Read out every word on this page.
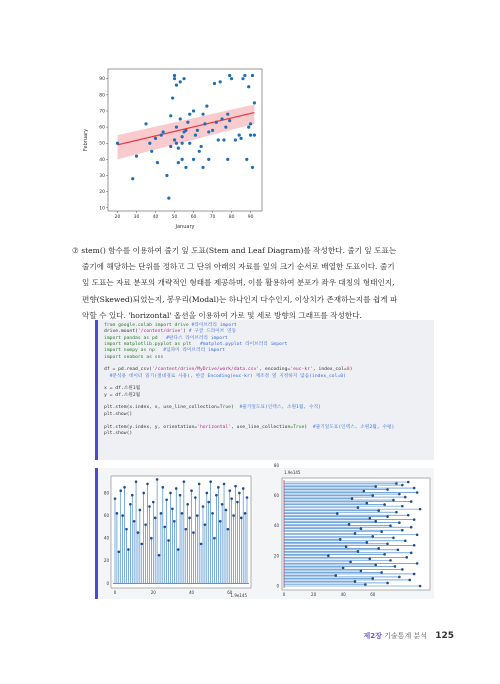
20	30	40	50	60	70	80	90
10
20
30
40
50
60
70
80
90
January
February
⑦ stem() 함수를 이용하여 줄기 잎 도표(Stem and Leaf Diagram)를 작성한다. 줄기 잎 도표는
줄기에 해당하는 단위를 정하고 그 단위 아래의 자료를 잎의 크기 순서로 배열한 도표이다. 줄기
잎 도표는 자료 분포의 개략적인 형태를 제공하며, 이를 활용하여 분포가 좌우 대칭의 형태인지,
편향(Skewed)되었는지, 봉우리(Modal)는 하나인지 다수인지, 이상치가 존재하는지를 쉽게 파
악할 수 있다. 'horizontal' 옵션을 이용하여 가로 및 세로 방향의 그래프를 작성한다.
from google.colab import drive #라이브러리 import
drive.mount('/content/drive') # 구글 드라이브 연동
import pandas as pd   #판다스 라이브러리 import
import matplotlib.pyplot as plt   #matplot.pyplot 라이브러리 import
import numpy as np   #넘파이 라이브러리 import
import seaborn as sns

df = pd.read_csv('/content/drive/MyDrive/work/data.csv', encoding='euc-kr', index_col=0)
#분석용 데이터 읽기(절대경로 사용), 한글 Encoding(euc-kr) 재조정 열 지정하지 않음(index_col=0)

x = df.소원1월
y = df.소원2월

plt.stem(x.index, x, use_line_collection=True)  #줄기잎도표(인덱스, 소원1월, 수직)
plt.show()

plt.stem(y.index, y, orientation='horizontal', use_line_collection=True)  #줄기잎도표(인덱스, 소원2월, 수평)
plt.show()
0
20
40
60
80
0	20	40	60
1.9e145
0
20
40
60
80
0	20	40	60
1.9e145
제2장 기술통계 분석 125
